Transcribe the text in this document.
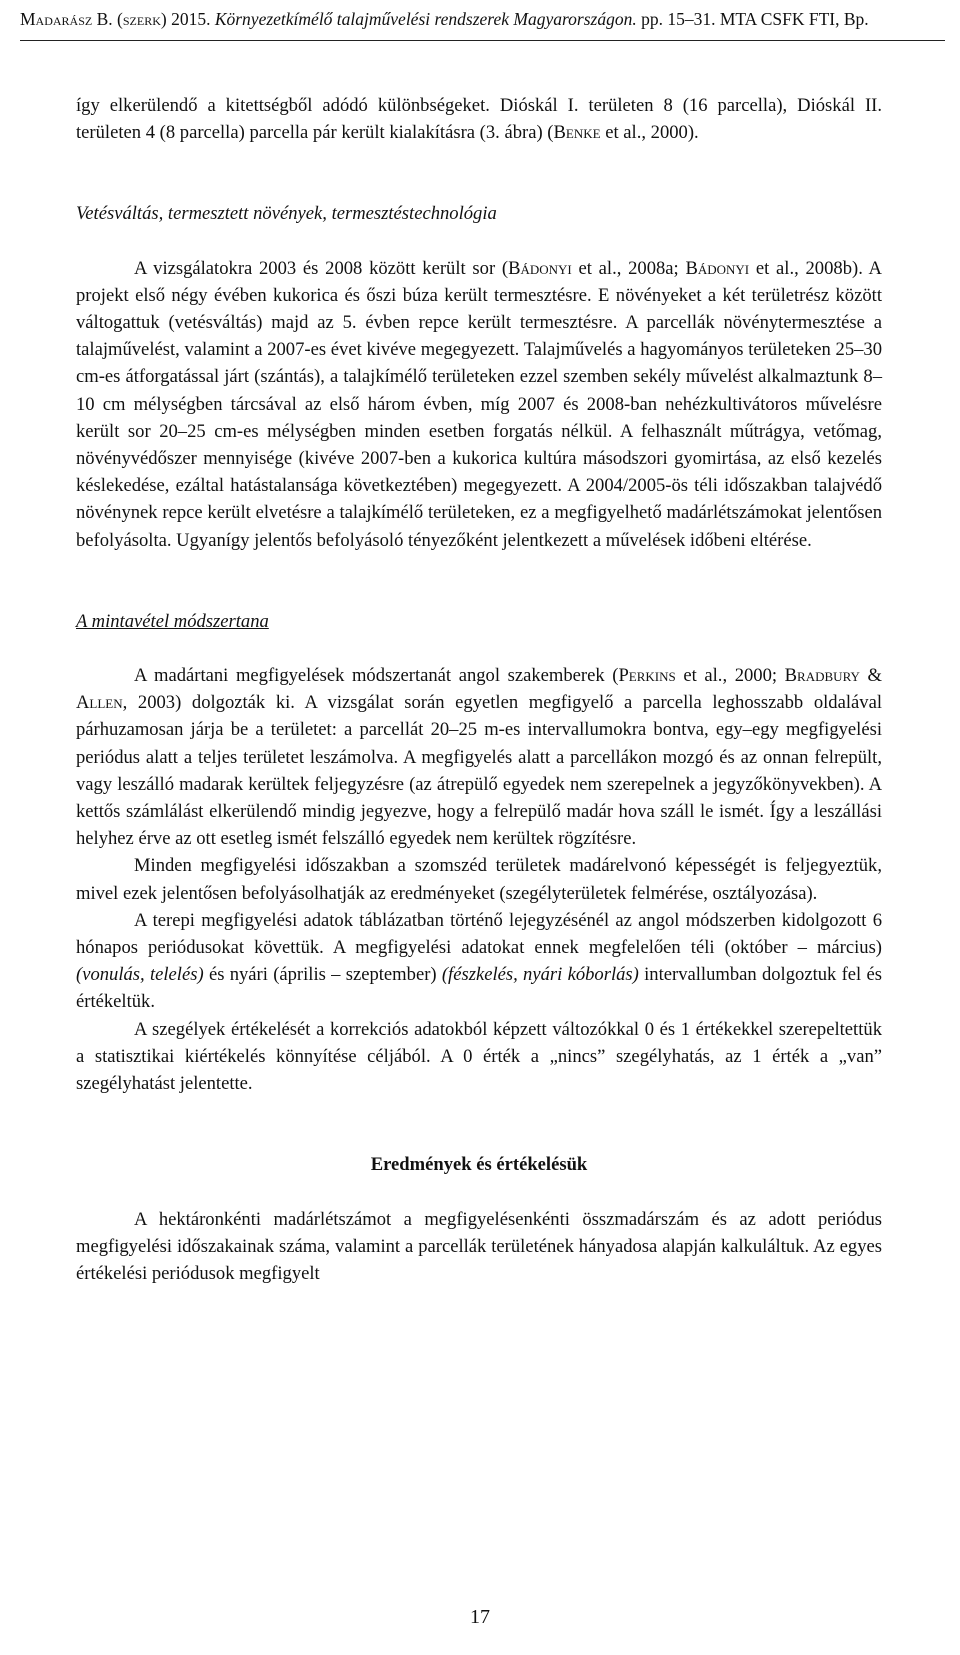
Madarász B. (szerk) 2015. Környezetkímélő talajművelési rendszerek Magyarországon. pp. 15–31. MTA CSFK FTI, Bp.

így elkerülendő a kitettségből adódó különbségeket. Dióskál I. területen 8 (16 parcella), Dióskál II. területen 4 (8 parcella) parcella pár került kialakításra (3. ábra) (Benke et al., 2000).

Vetésváltás, termesztett növények, termesztéstechnológia

A vizsgálatokra 2003 és 2008 között került sor (Bádonyi et al., 2008a; Bádonyi et al., 2008b). A projekt első négy évében kukorica és őszi búza került termesztésre. E növényeket a két területrész között váltogattuk (vetésváltás) majd az 5. évben repce került termesztésre. A parcellák növénytermesztése a talajművelést, valamint a 2007-es évet kivéve megegyezett. Talajművelés a hagyományos területeken 25–30 cm-es átforgatással járt (szántás), a talajkímélő területeken ezzel szemben sekély művelést alkalmaztunk 8–10 cm mélységben tárcsával az első három évben, míg 2007 és 2008-ban nehézkultivátoros művelésre került sor 20–25 cm-es mélységben minden esetben forgatás nélkül. A felhasznált műtrágya, vetőmag, növényvédőszer mennyisége (kivéve 2007-ben a kukorica kultúra másodszori gyomirtása, az első kezelés késlekedése, ezáltal hatástalansága következtében) megegyezett. A 2004/2005-ös téli időszakban talajvédő növénynek repce került elvetésre a talajkímélő területeken, ez a megfigyelhető madárlétszámokat jelentősen befolyásolta. Ugyanígy jelentős befolyásoló tényezőként jelentkezett a művelések időbeni eltérése.

A mintavétel módszertana

A madártani megfigyelések módszertanát angol szakemberek (Perkins et al., 2000; Bradbury & Allen, 2003) dolgozták ki. A vizsgálat során egyetlen megfigyelő a parcella leghosszabb oldalával párhuzamosan járja be a területet: a parcellát 20–25 m-es intervallumokra bontva, egy–egy megfigyelési periódus alatt a teljes területet leszámolva. A megfigyelés alatt a parcellákon mozgó és az onnan felrepült, vagy leszálló madarak kerültek feljegyzésre (az átrepülő egyedek nem szerepelnek a jegyzőkönyvekben). A kettős számlálást elkerülendő mindig jegyezve, hogy a felrepülő madár hova száll le ismét. Így a leszállási helyhez érve az ott esetleg ismét felszálló egyedek nem kerültek rögzítésre.

Minden megfigyelési időszakban a szomszéd területek madárelvonó képességét is feljegyeztük, mivel ezek jelentősen befolyásolhatják az eredményeket (szegélyterületek felmérése, osztályozása).

A terepi megfigyelési adatok táblázatban történő lejegyzésénél az angol módszerben kidolgozott 6 hónapos periódusokat követtük. A megfigyelési adatokat ennek megfelelően téli (október – március) (vonulás, telelés) és nyári (április – szeptember) (fészkelés, nyári kóborlás) intervallumban dolgoztuk fel és értékeltük.

A szegélyek értékelését a korrekciós adatokból képzett változókkal 0 és 1 értékekkel szerepeltettük a statisztikai kiértékelés könnyítése céljából. A 0 érték a „nincs” szegélyhatás, az 1 érték a „van” szegélyhatást jelentette.

Eredmények és értékelésük

A hektáronkénti madárlétszámot a megfigyelésenkénti összmadárszám és az adott periódus megfigyelési időszakainak száma, valamint a parcellák területének hányadosa alapján kalkuláltuk. Az egyes értékelési periódusok megfigyelt

17
